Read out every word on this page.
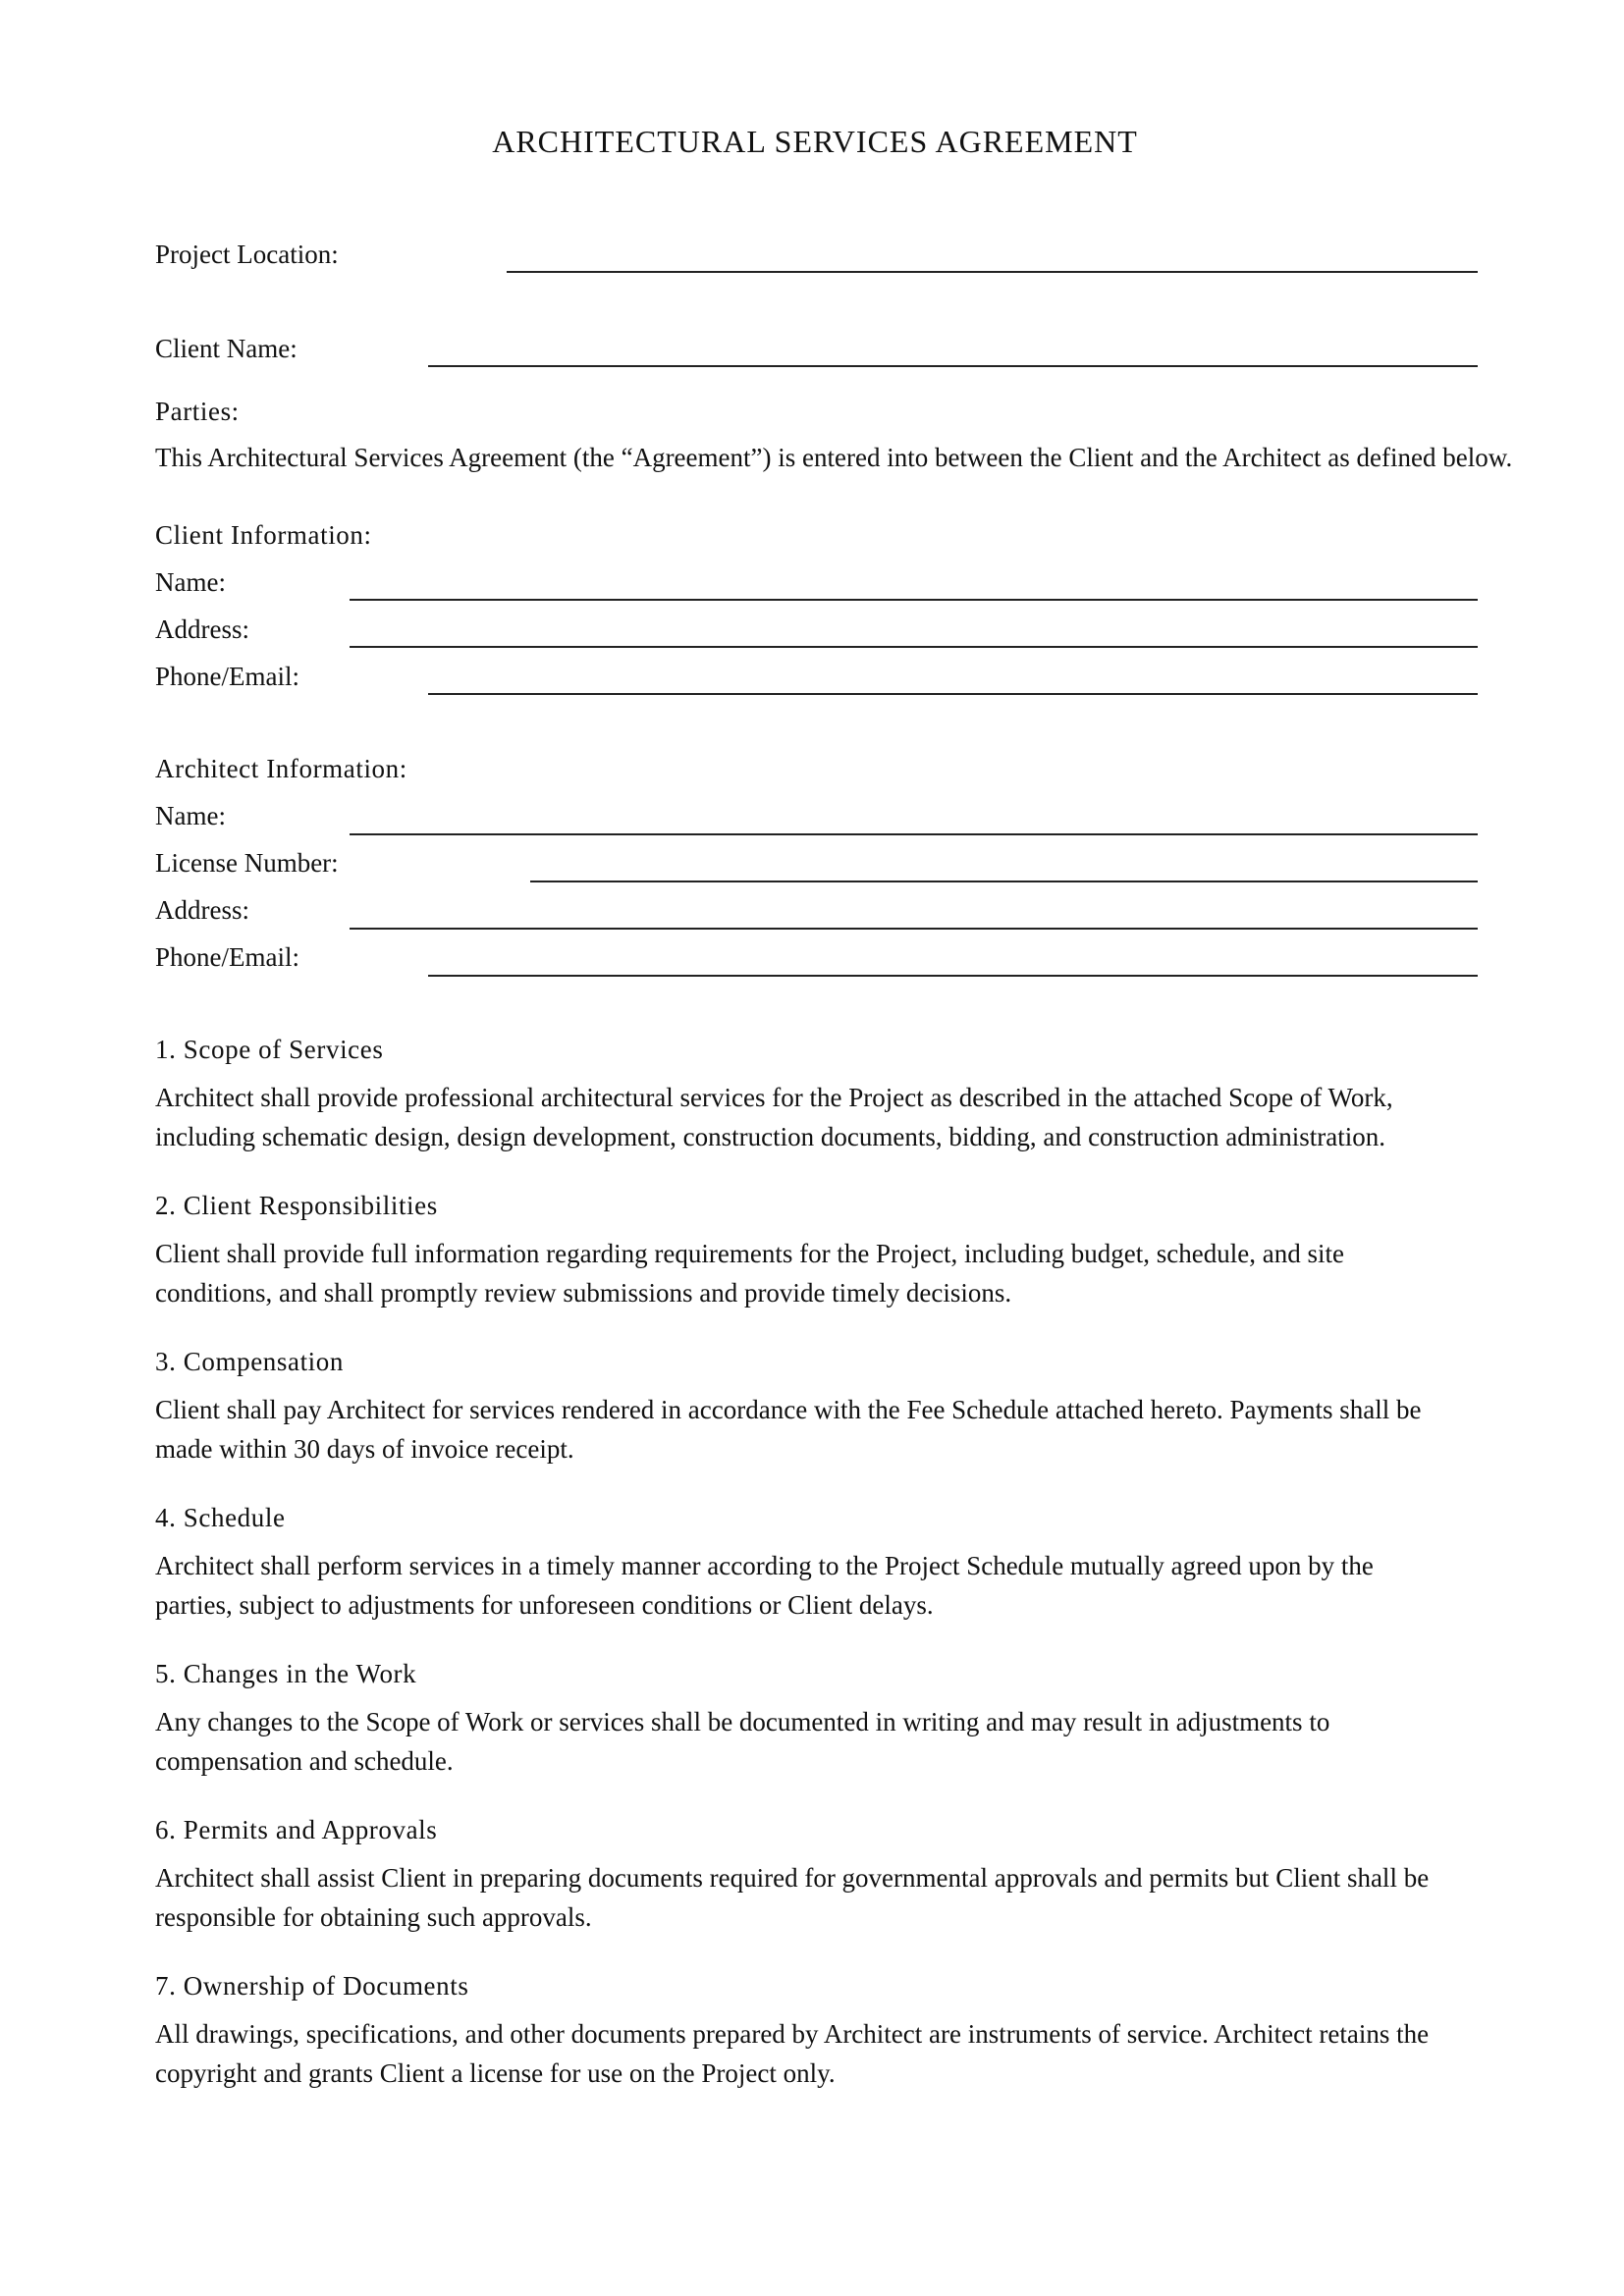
ARCHITECTURAL SERVICES AGREEMENT
Project Location:
Client Name:
Parties:
This Architectural Services Agreement (the “Agreement”) is entered into between the Client and the Architect as defined below.
Client Information:
Name:
Address:
Phone/Email:
Architect Information:
Name:
License Number:
Address:
Phone/Email:
1. Scope of Services
Architect shall provide professional architectural services for the Project as described in the attached Scope of Work,
including schematic design, design development, construction documents, bidding, and construction administration.
2. Client Responsibilities
Client shall provide full information regarding requirements for the Project, including budget, schedule, and site
conditions, and shall promptly review submissions and provide timely decisions.
3. Compensation
Client shall pay Architect for services rendered in accordance with the Fee Schedule attached hereto. Payments shall be
made within 30 days of invoice receipt.
4. Schedule
Architect shall perform services in a timely manner according to the Project Schedule mutually agreed upon by the
parties, subject to adjustments for unforeseen conditions or Client delays.
5. Changes in the Work
Any changes to the Scope of Work or services shall be documented in writing and may result in adjustments to
compensation and schedule.
6. Permits and Approvals
Architect shall assist Client in preparing documents required for governmental approvals and permits but Client shall be
responsible for obtaining such approvals.
7. Ownership of Documents
All drawings, specifications, and other documents prepared by Architect are instruments of service. Architect retains the
copyright and grants Client a license for use on the Project only.
